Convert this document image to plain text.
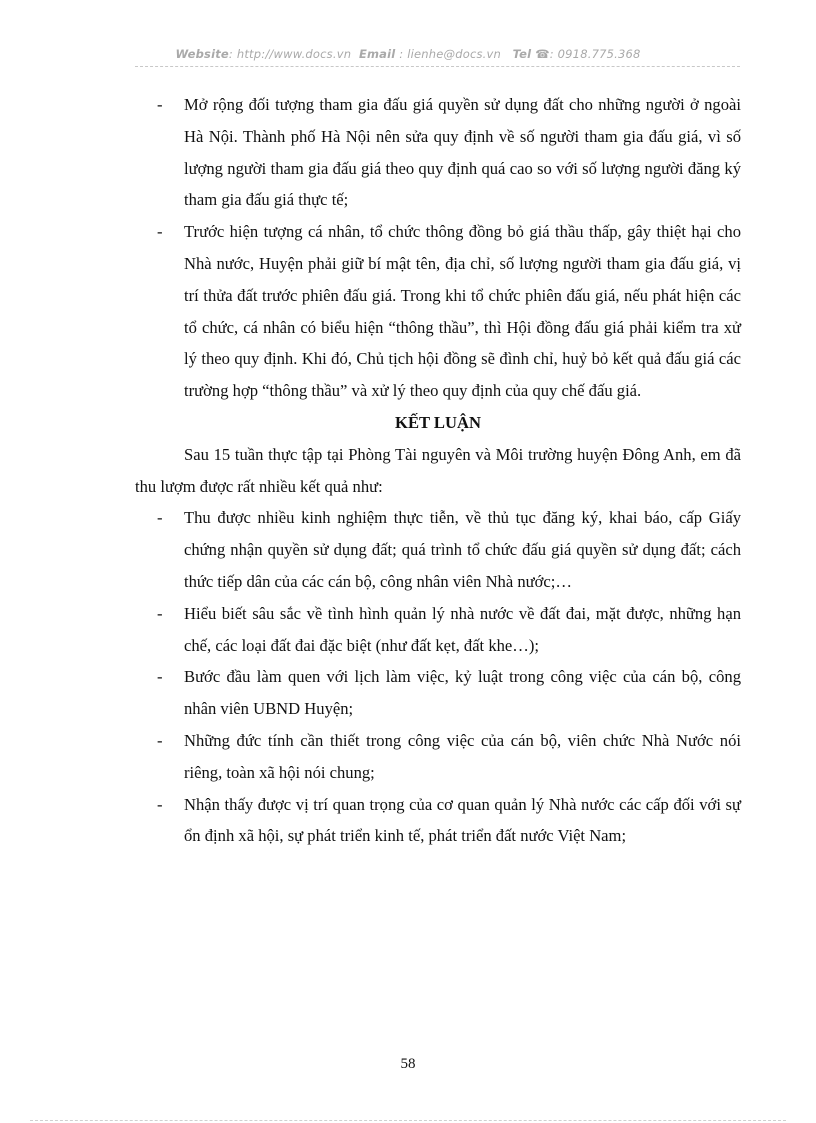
Website: http://www.docs.vn Email : lienhe@docs.vn Tel ☎: 0918.775.368
- Mở rộng đối tượng tham gia đấu giá quyền sử dụng đất cho những người ở ngoài Hà Nội. Thành phố Hà Nội nên sửa quy định về số người tham gia đấu giá, vì số lượng người tham gia đấu giá theo quy định quá cao so với số lượng người đăng ký tham gia đấu giá thực tế;
- Trước hiện tượng cá nhân, tổ chức thông đồng bỏ giá thầu thấp, gây thiệt hại cho Nhà nước, Huyện phải giữ bí mật tên, địa chỉ, số lượng người tham gia đấu giá, vị trí thửa đất trước phiên đấu giá. Trong khi tổ chức phiên đấu giá, nếu phát hiện các tổ chức, cá nhân có biểu hiện “thông thầu”, thì Hội đồng đấu giá phải kiểm tra xử lý theo quy định. Khi đó, Chủ tịch hội đồng sẽ đình chỉ, huỷ bỏ kết quả đấu giá các trường hợp “thông thầu” và xử lý theo quy định của quy chế đấu giá.

KẾT LUẬN

Sau 15 tuần thực tập tại Phòng Tài nguyên và Môi trường huyện Đông Anh, em đã thu lượm được rất nhiều kết quả như:

- Thu được nhiều kinh nghiệm thực tiễn, về thủ tục đăng ký, khai báo, cấp Giấy chứng nhận quyền sử dụng đất; quá trình tổ chức đấu giá quyền sử dụng đất; cách thức tiếp dân của các cán bộ, công nhân viên Nhà nước;…
- Hiểu biết sâu sắc về tình hình quản lý nhà nước về đất đai, mặt được, những hạn chế, các loại đất đai đặc biệt (như đất kẹt, đất khe…);
- Bước đầu làm quen với lịch làm việc, kỷ luật trong công việc của cán bộ, công nhân viên UBND Huyện;
- Những đức tính cần thiết trong công việc của cán bộ, viên chức Nhà Nước nói riêng, toàn xã hội nói chung;
- Nhận thấy được vị trí quan trọng của cơ quan quản lý Nhà nước các cấp đối với sự ổn định xã hội, sự phát triển kinh tế, phát triển đất nước Việt Nam;
58
